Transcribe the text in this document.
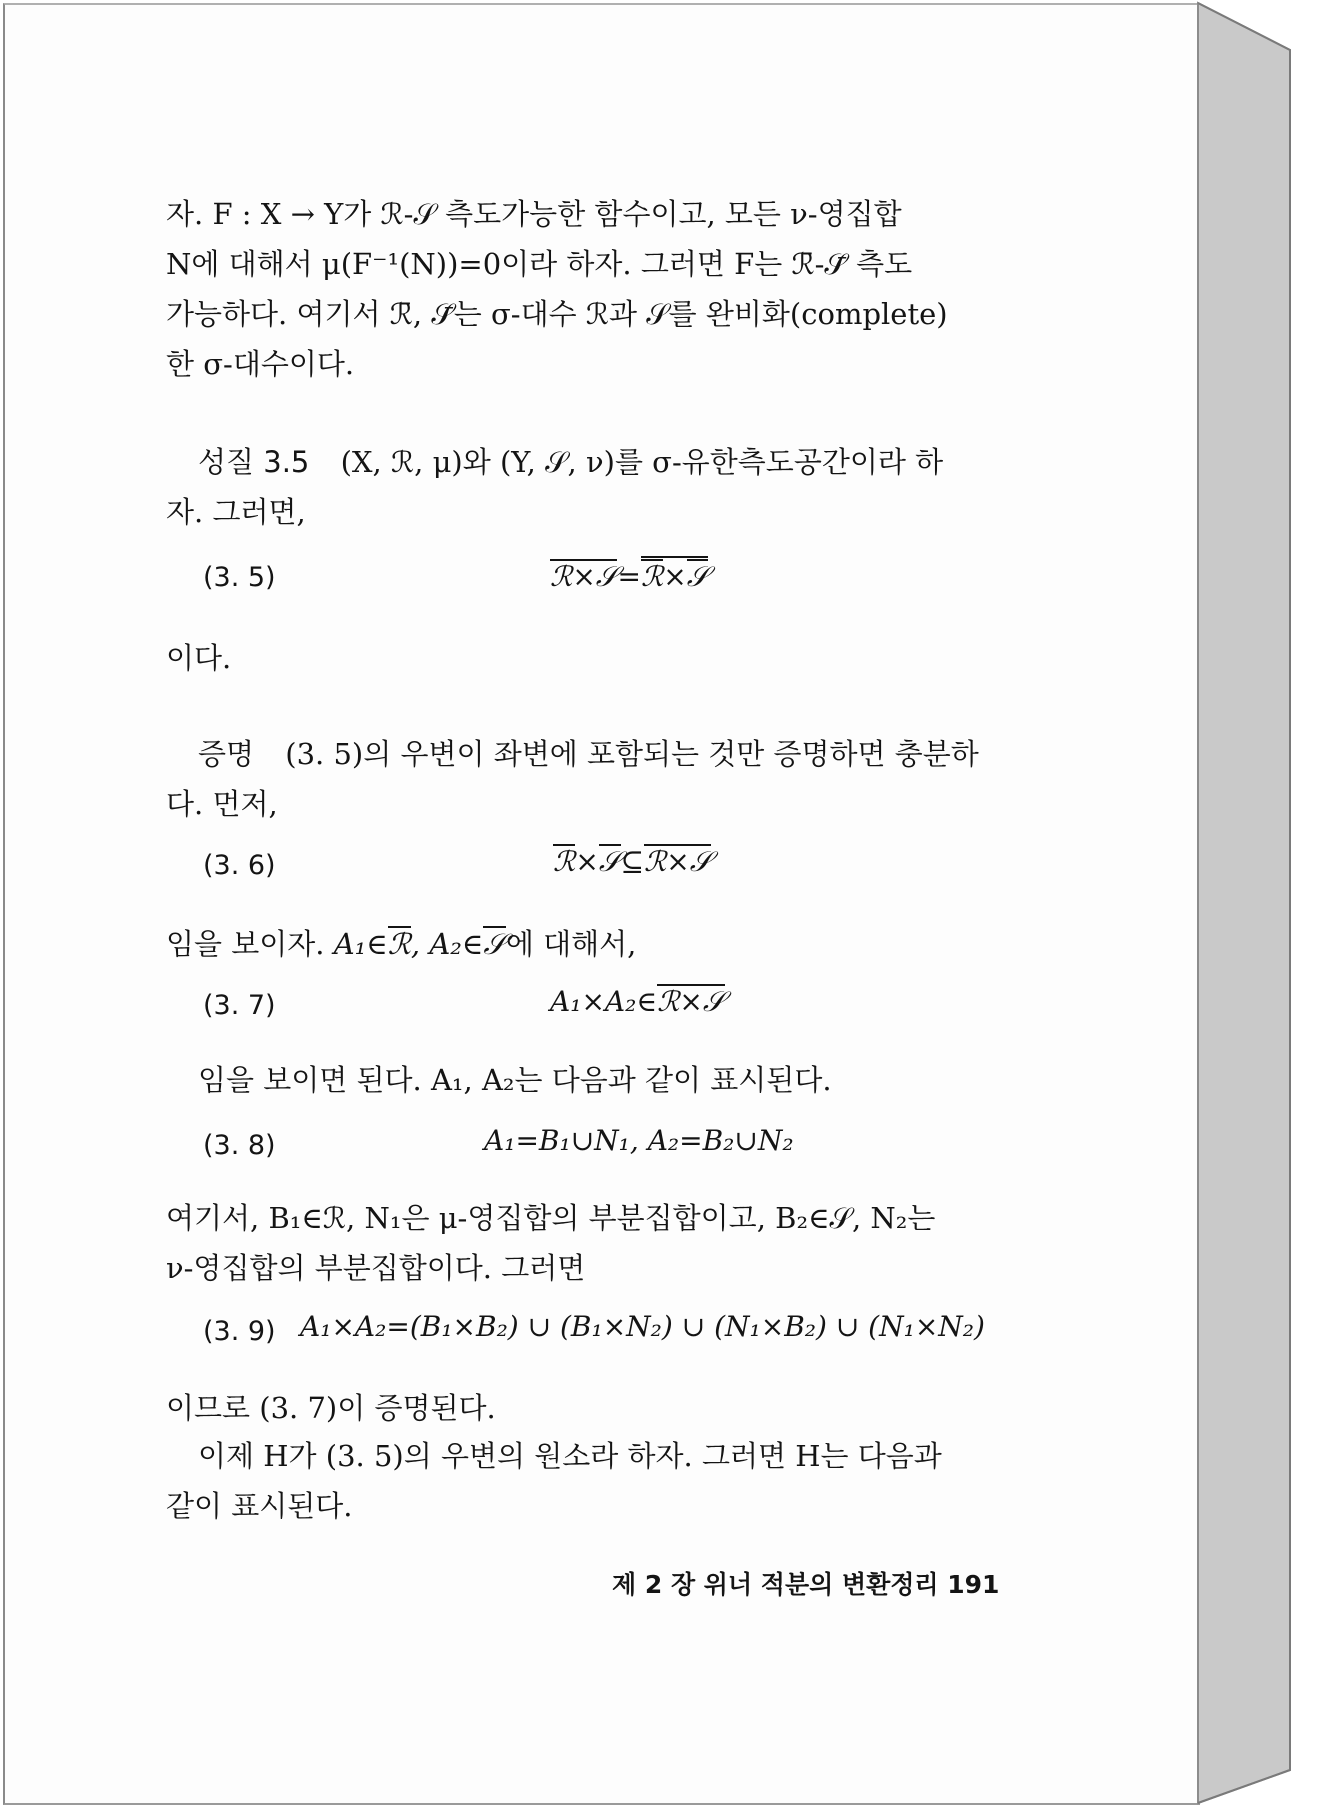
자. F : X → Y가 ℛ-𝒮 측도가능한 함수이고, 모든 ν-영집합
N에 대해서 μ(F⁻¹(N))=0이라 하자. 그러면 F는 ℛ̄-𝒮̄ 측도
가능하다. 여기서 ℛ̄, 𝒮̄는 σ-대수 ℛ과 𝒮를 완비화(complete)
한 σ-대수이다.
성질 3.5 (X, ℛ, μ)와 (Y, 𝒮, ν)를 σ-유한측도공간이라 하
자. 그러면,
(3. 5)	ℛ×𝒮=ℛ×𝒮
이다.
증명 (3. 5)의 우변이 좌변에 포함되는 것만 증명하면 충분하
다. 먼저,
(3. 6)	ℛ×𝒮⊆ℛ×𝒮
임을 보이자. A₁∈ℛ, A₂∈𝒮에 대해서,
(3. 7)	A₁×A₂∈ℛ×𝒮
임을 보이면 된다. A₁, A₂는 다음과 같이 표시된다.
(3. 8)	A₁=B₁∪N₁, A₂=B₂∪N₂
여기서, B₁∈ℛ, N₁은 μ-영집합의 부분집합이고, B₂∈𝒮, N₂는
ν-영집합의 부분집합이다. 그러면
(3. 9) A₁×A₂=(B₁×B₂) ∪ (B₁×N₂) ∪ (N₁×B₂) ∪ (N₁×N₂)
이므로 (3. 7)이 증명된다.
이제 H가 (3. 5)의 우변의 원소라 하자. 그러면 H는 다음과
같이 표시된다.
제 2 장 위너 적분의 변환정리 191
